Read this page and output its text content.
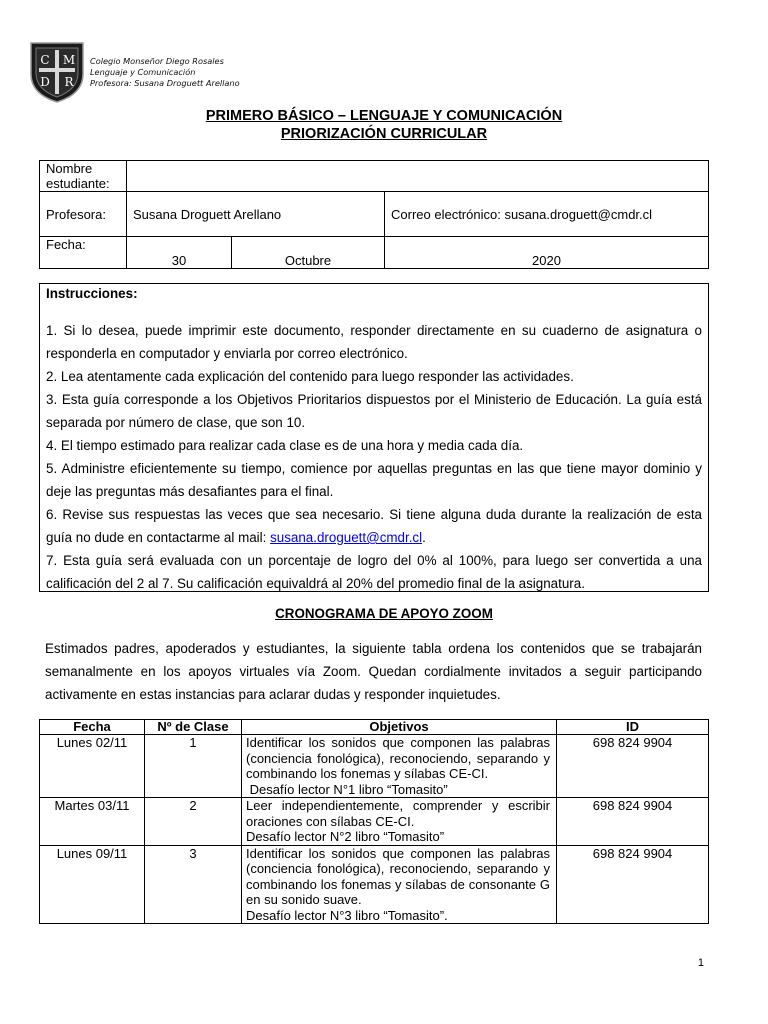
C M
D R
Colegio Monseñor Diego Rosales
Lenguaje y Comunicación
Profesora: Susana Droguett Arellano
PRIMERO BÁSICO – LENGUAJE Y COMUNICACIÓN
PRIORIZACIÓN CURRICULAR
Nombre estudiante:			
Profesora:	Susana Droguett Arellano		Correo electrónico: susana.droguett@cmdr.cl
Fecha:	30	Octubre	2020
Instrucciones:
1. Si lo desea, puede imprimir este documento, responder directamente en su cuaderno de asignatura o responderla en computador y enviarla por correo electrónico.
2. Lea atentamente cada explicación del contenido para luego responder las actividades.
3. Esta guía corresponde a los Objetivos Prioritarios dispuestos por el Ministerio de Educación. La guía está separada por número de clase, que son 10.
4. El tiempo estimado para realizar cada clase es de una hora y media cada día.
5. Administre eficientemente su tiempo, comience por aquellas preguntas en las que tiene mayor dominio y deje las preguntas más desafiantes para el final.
6. Revise sus respuestas las veces que sea necesario. Si tiene alguna duda durante la realización de esta guía no dude en contactarme al mail: susana.droguett@cmdr.cl.
7. Esta guía será evaluada con un porcentaje de logro del 0% al 100%, para luego ser convertida a una calificación del 2 al 7. Su calificación equivaldrá al 20% del promedio final de la asignatura.
CRONOGRAMA DE APOYO ZOOM
Estimados padres, apoderados y estudiantes, la siguiente tabla ordena los contenidos que se trabajarán semanalmente en los apoyos virtuales vía Zoom. Quedan cordialmente invitados a seguir participando activamente en estas instancias para aclarar dudas y responder inquietudes.
Fecha	Nº de Clase	Objetivos	ID
Lunes 02/11	1	Identificar los sonidos que componen las palabras (conciencia fonológica), reconociendo, separando y combinando los fonemas y sílabas CE-CI.
Desafío lector N°1 libro “Tomasito”	698 824 9904
Martes 03/11	2	Leer independientemente, comprender y escribir oraciones con sílabas CE-CI.
Desafío lector N°2 libro “Tomasito”	698 824 9904
Lunes 09/11	3	Identificar los sonidos que componen las palabras (conciencia fonológica), reconociendo, separando y combinando los fonemas y sílabas de consonante G en su sonido suave.
Desafío lector N°3 libro “Tomasito”.	698 824 9904
1
